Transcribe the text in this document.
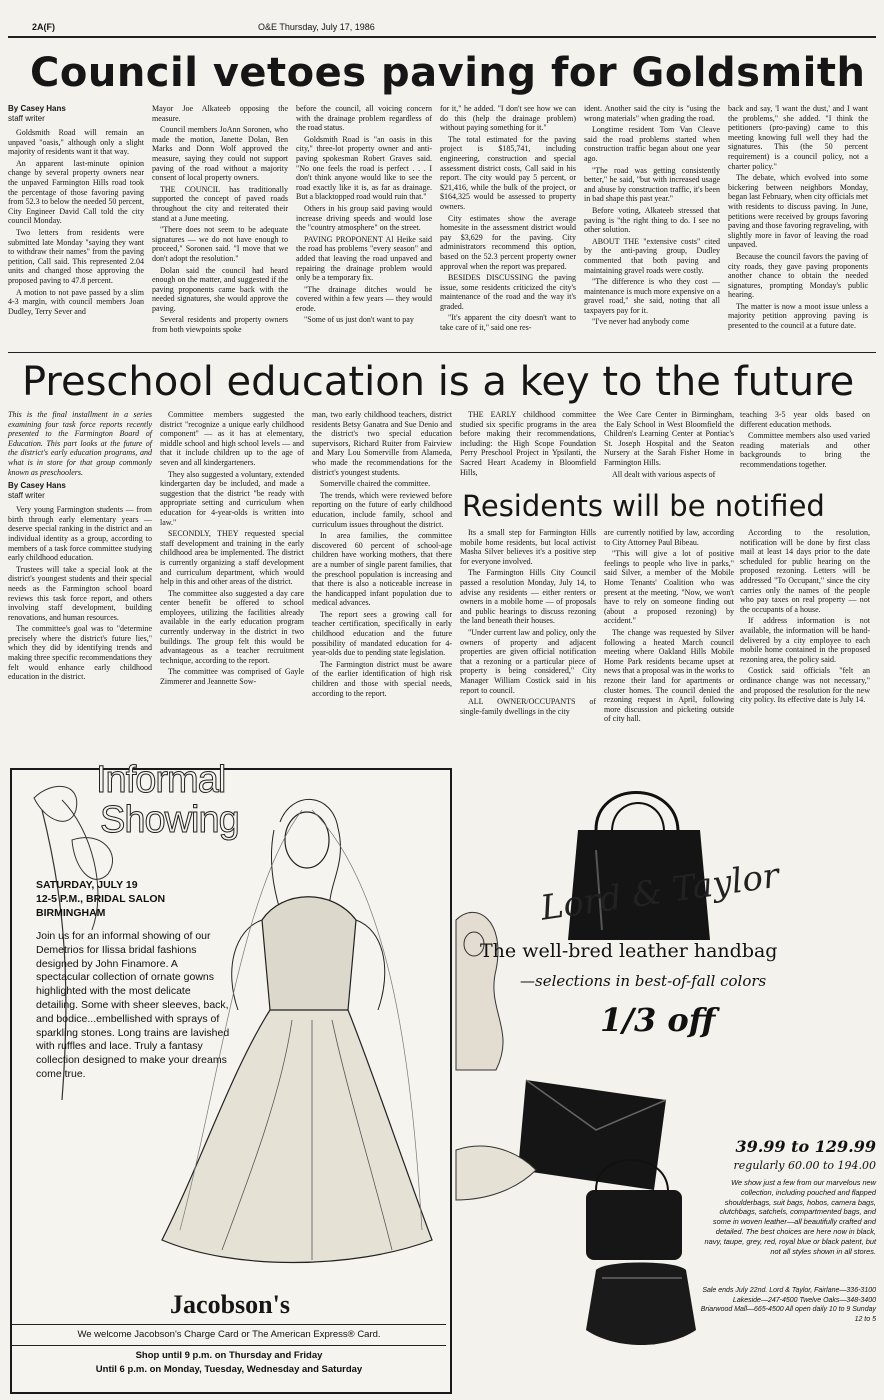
2A(F)	O&E Thursday, July 17, 1986
Council vetoes paving for Goldsmith
By Casey Hans
staff writer

Goldsmith Road will remain an unpaved "oasis," although only a slight majority of residents want it that way.

An apparent last-minute opinion change by several property owners near the unpaved Farmington Hills road took the percentage of those favoring paving from 52.3 to below the needed 50 percent, City Engineer David Call told the city council Monday.

Two letters from residents were submitted late Monday "saying they want to withdraw their names" from the paving petition, Call said. This represented 2.04 units and changed those approving the proposed paving to 47.8 percent.

A motion to not pave passed by a slim 4-3 margin, with council members Joan Dudley, Terry Sever and

Mayor Joe Alkateeb opposing the measure.

Council members JoAnn Soronen, who made the motion, Janette Dolan, Ben Marks and Donn Wolf approved the measure, saying they could not support paving of the road without a majority consent of local property owners.

THE COUNCIL has traditionally supported the concept of paved roads throughout the city and reiterated their stand at a June meeting.

"There does not seem to be adequate signatures — we do not have enough to proceed," Soronen said. "I move that we don't adopt the resolution."

Dolan said the council had heard enough on the matter, and suggested if the paving proponents came back with the needed signatures, she would approve the paving.

Several residents and property owners from both viewpoints spoke

before the council, all voicing concern with the drainage problem regardless of the road status.

Goldsmith Road is "an oasis in this city," three-lot property owner and anti-paving spokesman Robert Graves said. "No one feels the road is perfect . . . I don't think anyone would like to see the road exactly like it is, as far as drainage. But a blacktopped road would ruin that."

Others in his group said paving would increase driving speeds and would lose the "country atmosphere" on the street.

PAVING PROPONENT Al Heike said the road has problems "every season" and added that leaving the road unpaved and repairing the drainage problem would only be a temporary fix.

"The drainage ditches would be covered within a few years — they would erode.

"Some of us just don't want to pay

for it," he added. "I don't see how we can do this (help the drainage problem) without paying something for it."

The total estimated for the paving project is $185,741, including engineering, construction and special assessment district costs, Call said in his report. The city would pay 5 percent, or $21,416, while the bulk of the project, or $164,325 would be assessed to property owners.

City estimates show the average homesite in the assessment district would pay $3,629 for the paving. City administrators recommend this option, based on the 52.3 percent property owner approval when the report was prepared.

BESIDES DISCUSSING the paving issue, some residents criticized the city's maintenance of the road and the way it's graded.

"It's apparent the city doesn't want to take care of it," said one res-

ident. Another said the city is "using the wrong materials" when grading the road.

Longtime resident Tom Van Cleave said the road problems started when construction traffic began about one year ago.

"The road was getting consistently better," he said, "but with increased usage and abuse by construction traffic, it's been in bad shape this past year."

Before voting, Alkateeb stressed that paving is "the right thing to do. I see no other solution.

ABOUT THE "extensive costs" cited by the anti-paving group, Dudley commented that both paving and maintaining gravel roads were costly.

"The difference is who they cost — maintenance is much more expensive on a gravel road," she said, noting that all taxpayers pay for it.

"I've never had anybody come

back and say, 'I want the dust,' and I want the problems," she added. "I think the petitioners (pro-paving) came to this meeting knowing full well they had the signatures. This (the 50 percent requirement) is a council policy, not a charter policy."

The debate, which evolved into some bickering between neighbors Monday, began last February, when city officials met with residents to discuss paving. In June, petitions were received by groups favoring paving and those favoring regraveling, with slightly more in favor of leaving the road unpaved.

Because the council favors the paving of city roads, they gave paving proponents another chance to obtain the needed signatures, prompting Monday's public hearing.

The matter is now a moot issue unless a majority petition approving paving is presented to the council at a future date.

Preschool education is a key to the future

This is the final installment in a series examining four task force reports recently presented to the Farmington Board of Education. This part looks at the future of the district's early education programs, and what is in store for that group commonly known as preschoolers.

By Casey Hans
staff writer

Very young Farmington students — from birth through early elementary years — deserve special ranking in the district and an individual identity as a group, according to members of a task force committee studying early childhood education.

Trustees will take a special look at the district's youngest students and their special needs as the Farmington school board reviews this task force report, and others involving staff development, building renovations, and human resources.

The committee's goal was to "determine precisely where the district's future lies," which they did by identifying trends and making three specific recommendations they felt would enhance early childhood education in the district.

Committee members suggested the district "recognize a unique early childhood component" — as it has at elementary, middle school and high school levels — and that it include children up to the age of seven and all kindergarteners.

They also suggested a voluntary, extended kindergarten day be included, and made a suggestion that the district "be ready with appropriate setting and curriculum when education for 4-year-olds is written into law."

SECONDLY, THEY requested special staff development and training in the early childhood area be implemented. The district is currently organizing a staff development and curriculum department, which would help in this and other areas of the district.

The committee also suggested a day care center benefit be offered to school employees, utilizing the facilities already available in the early education program currently underway in the district in two buildings. The group felt this would be advantageous as a teacher recruitment technique, according to the report.

The committee was comprised of Gayle Zimmerer and Jeannette Sow-

man, two early childhood teachers, district residents Betsy Ganatra and Sue Denio and the district's two special education supervisors, Richard Ruiter from Fairview and Mary Lou Somerville from Alameda, who made the recommendations for the district's youngest students.

Somerville chaired the committee.

The trends, which were reviewed before reporting on the future of early childhood education, include family, school and curriculum issues throughout the district.

In area families, the committee discovered 60 percent of school-age children have working mothers, that there are a number of single parent families, that the preschool population is increasing and that there is also a noticeable increase in the handicapped infant population due to medical advances.

The report sees a growing call for teacher certification, specifically in early childhood education and the future possibility of mandated education for 4-year-olds due to pending state legislation.

The Farmington district must be aware of the earlier identification of high risk children and those with special needs, according to the report.

THE EARLY childhood committee studied six specific programs in the area before making their recommendations, including: the High Scope Foundation Perry Preschool Project in Ypsilanti, the Sacred Heart Academy in Bloomfield Hills,

the Wee Care Center in Birmingham, the Ealy School in West Bloomfield the Children's Learning Center at Pontiac's St. Joseph Hospital and the Seaton Nursery at the Sarah Fisher Home in Farmington Hills.

All dealt with various aspects of

teaching 3-5 year olds based on different education methods.

Committee members also used varied reading materials and other backgrounds to bring the recommendations together.

Residents will be notified

Its a small step for Farmington Hills mobile home residents, but local activist Masha Silver believes it's a positive step for everyone involved.

The Farmington Hills City Council passed a resolution Monday, July 14, to advise any residents — either renters or owners in a mobile home — of proposals and public hearings to discuss rezoning the land beneath their houses.

"Under current law and policy, only the owners of property and adjacent properties are given official notification that a rezoning or a particular piece of property is being considered," City Manager William Costick said in his report to council.

ALL OWNER/OCCUPANTS of single-family dwellings in the city

are currently notified by law, according to City Attorney Paul Bibeau.

"This will give a lot of positive feelings to people who live in parks," said Silver, a member of the Mobile Home Tenants' Coalition who was present at the meeting. "Now, we won't have to rely on someone finding out (about a proposed rezoning) by accident."

The change was requested by Silver following a heated March council meeting where Oakland Hills Mobile Home Park residents became upset at news that a proposal was in the works to rezone their land for apartments or cluster homes. The council denied the rezoning request in April, following more discussion and picketing outside of city hall.

According to the resolution, notification will be done by first class mail at least 14 days prior to the date scheduled for public hearing on the proposed rezoning. Letters will be addressed "To Occupant," since the city carries only the names of the people who pay taxes on real property — not the occupants of a house.

If address information is not available, the information will be hand-delivered by a city employee to each mobile home contained in the proposed rezoning area, the policy said.

Costick said officials "felt an ordinance change was not necessary," and proposed the resolution for the new city policy. Its effective date is July 14.

Informal
Showing
SATURDAY, JULY 19
12-5 P.M., BRIDAL SALON
BIRMINGHAM
Join us for an informal showing of our Demetrios for Ilissa bridal fashions designed by John Finamore. A spectacular collection of ornate gowns highlighted with the most delicate detailing. Some with sheer sleeves, back, and bodice...embellished with sprays of sparkling stones. Long trains are lavished with ruffles and lace. Truly a fantasy collection designed to make your dreams come true.
Jacobson's
We welcome Jacobson's Charge Card or The American Express® Card.
Shop until 9 p.m. on Thursday and Friday
Until 6 p.m. on Monday, Tuesday, Wednesday and Saturday
Lord & Taylor
The well-bred leather handbag
—selections in best-of-fall colors
1/3 off
39.99 to 129.99
regularly 60.00 to 194.00
We show just a few from our marvelous new collection, including pouched and flapped shoulderbags, suit bags, hobos, camera bags, clutchbags, satchels, compartmented bags, and some in woven leather—all beautifully crafted and detailed. The best choices are here now in black, navy, taupe, grey, red, royal blue or black patent, but not all styles shown in all stores.
Sale ends July 22nd. Lord & Taylor, Fairlane—336-3100 Lakeside—247-4500 Twelve Oaks—348-3400 Briarwood Mall—665-4500 All open daily 10 to 9 Sunday 12 to 5
